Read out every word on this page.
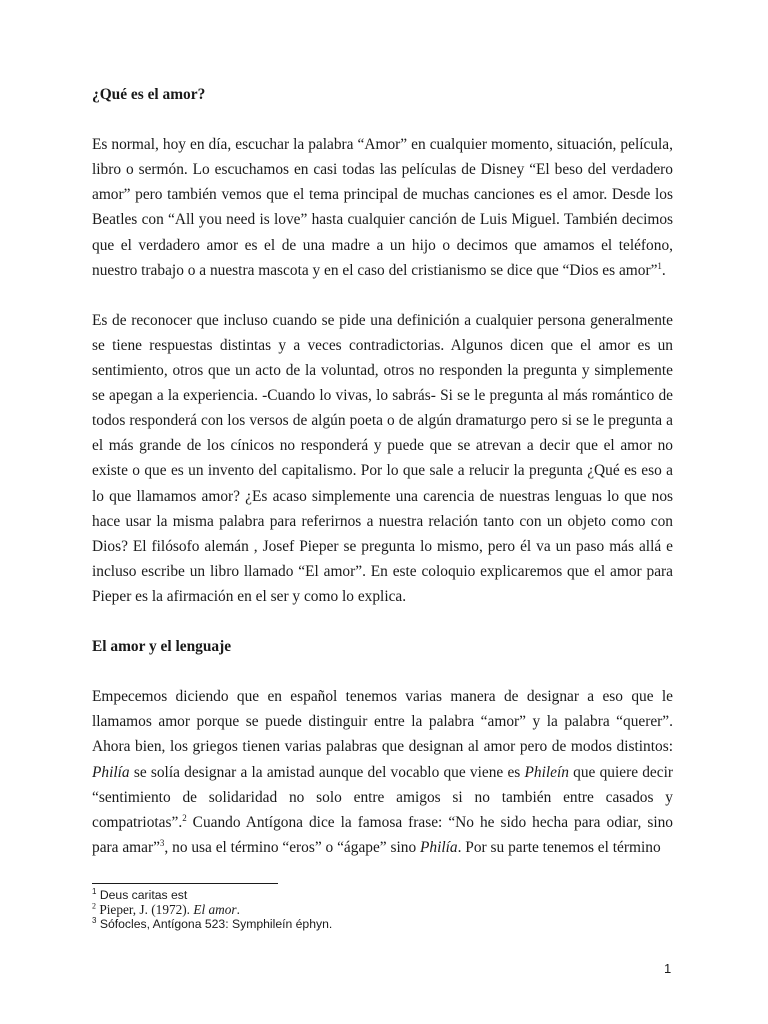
¿Qué es el amor?

Es normal, hoy en día, escuchar la palabra “Amor” en cualquier momento, situación, película, libro o sermón. Lo escuchamos en casi todas las películas de Disney “El beso del verdadero amor” pero también vemos que el tema principal de muchas canciones es el amor. Desde los Beatles con “All you need is love” hasta cualquier canción de Luis Miguel. También decimos que el verdadero amor es el de una madre a un hijo o decimos que amamos el teléfono, nuestro trabajo o a nuestra mascota y en el caso del cristianismo se dice que “Dios es amor”$^1$.

Es de reconocer que incluso cuando se pide una definición a cualquier persona generalmente se tiene respuestas distintas y a veces contradictorias. Algunos dicen que el amor es un sentimiento, otros que un acto de la voluntad, otros no responden la pregunta y simplemente se apegan a la experiencia. -Cuando lo vivas, lo sabrás- Si se le pregunta al más romántico de todos responderá con los versos de algún poeta o de algún dramaturgo pero si se le pregunta a el más grande de los cínicos no responderá y puede que se atrevan a decir que el amor no existe o que es un invento del capitalismo. Por lo que sale a relucir la pregunta ¿Qué es eso a lo que llamamos amor? ¿Es acaso simplemente una carencia de nuestras lenguas lo que nos hace usar la misma palabra para referirnos a nuestra relación tanto con un objeto como con Dios? El filósofo alemán , Josef Pieper se pregunta lo mismo, pero él va un paso más allá e incluso escribe un libro llamado “El amor”. En este coloquio explicaremos que el amor para Pieper es la afirmación en el ser y como lo explica.

El amor y el lenguaje

Empecemos diciendo que en español tenemos varias manera de designar a eso que le llamamos amor porque se puede distinguir entre la palabra “amor” y la palabra “querer”. Ahora bien, los griegos tienen varias palabras que designan al amor pero de modos distintos: Philía se solía designar a la amistad aunque del vocablo que viene es Phileín que quiere decir “sentimiento de solidaridad no solo entre amigos si no también entre casados y compatriotas”.$^2$ Cuando Antígona dice la famosa frase: “No he sido hecha para odiar, sino para amar”$^3$, no usa el término “eros” o “ágape” sino Philía. Por su parte tenemos el término

$^1$ Deus caritas est
$^2$ Pieper, J. (1972). El amor.
$^3$ Sófocles, Antígona 523: Symphileín éphyn.
1
